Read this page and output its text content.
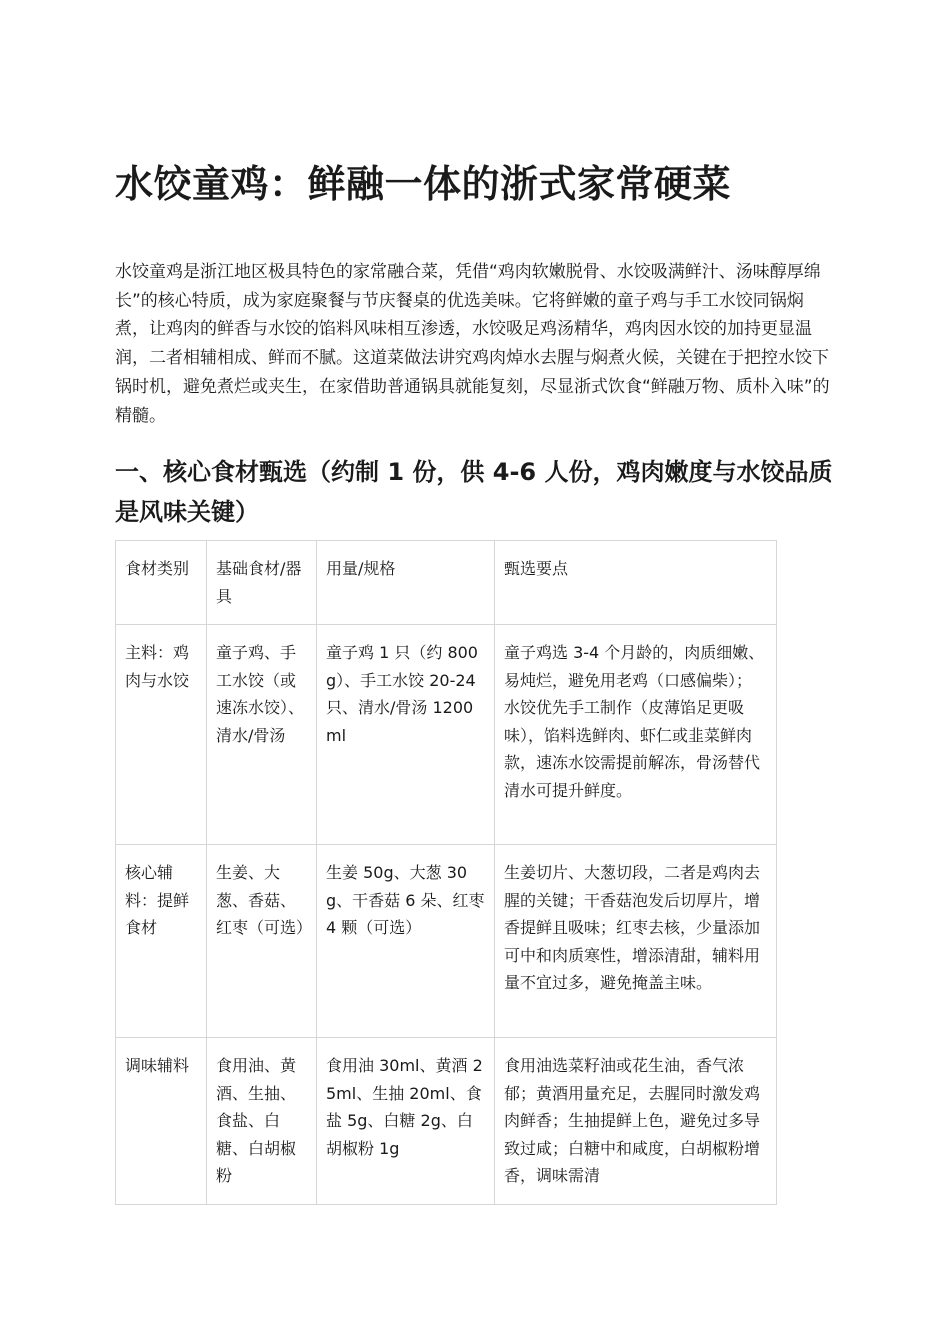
水饺童鸡：鲜融一体的浙式家常硬菜

水饺童鸡是浙江地区极具特色的家常融合菜，凭借“鸡肉软嫩脱骨、水饺吸满鲜汁、汤味醇厚绵长”的核心特质，成为家庭聚餐与节庆餐桌的优选美味。它将鲜嫩的童子鸡与手工水饺同锅焖煮，让鸡肉的鲜香与水饺的馅料风味相互渗透，水饺吸足鸡汤精华，鸡肉因水饺的加持更显温润，二者相辅相成、鲜而不腻。这道菜做法讲究鸡肉焯水去腥与焖煮火候，关键在于把控水饺下锅时机，避免煮烂或夹生，在家借助普通锅具就能复刻，尽显浙式饮食“鲜融万物、质朴入味”的精髓。

一、核心食材甄选（约制 1 份，供 4-6 人份，鸡肉嫩度与水饺品质是风味关键）
食材类别	基础食材/器具	用量/规格	甄选要点
主料：鸡肉与水饺	童子鸡、手工水饺（或速冻水饺）、清水/骨汤	童子鸡 1 只（约 800g）、手工水饺 20-24 只、清水/骨汤 1200ml	童子鸡选 3-4 个月龄的，肉质细嫩、易炖烂，避免用老鸡（口感偏柴）；水饺优先手工制作（皮薄馅足更吸味），馅料选鲜肉、虾仁或韭菜鲜肉款，速冻水饺需提前解冻，骨汤替代清水可提升鲜度。
核心辅料：提鲜食材	生姜、大葱、香菇、红枣（可选）	生姜 50g、大葱 30g、干香菇 6 朵、红枣 4 颗（可选）	生姜切片、大葱切段，二者是鸡肉去腥的关键；干香菇泡发后切厚片，增香提鲜且吸味；红枣去核，少量添加可中和肉质寒性，增添清甜，辅料用量不宜过多，避免掩盖主味。
调味辅料	食用油、黄酒、生抽、食盐、白糖、白胡椒粉	食用油 30ml、黄酒 25ml、生抽 20ml、食盐 5g、白糖 2g、白胡椒粉 1g	食用油选菜籽油或花生油，香气浓郁；黄酒用量充足，去腥同时激发鸡肉鲜香；生抽提鲜上色，避免过多导致过咸；白糖中和咸度，白胡椒粉增香，调味需清
